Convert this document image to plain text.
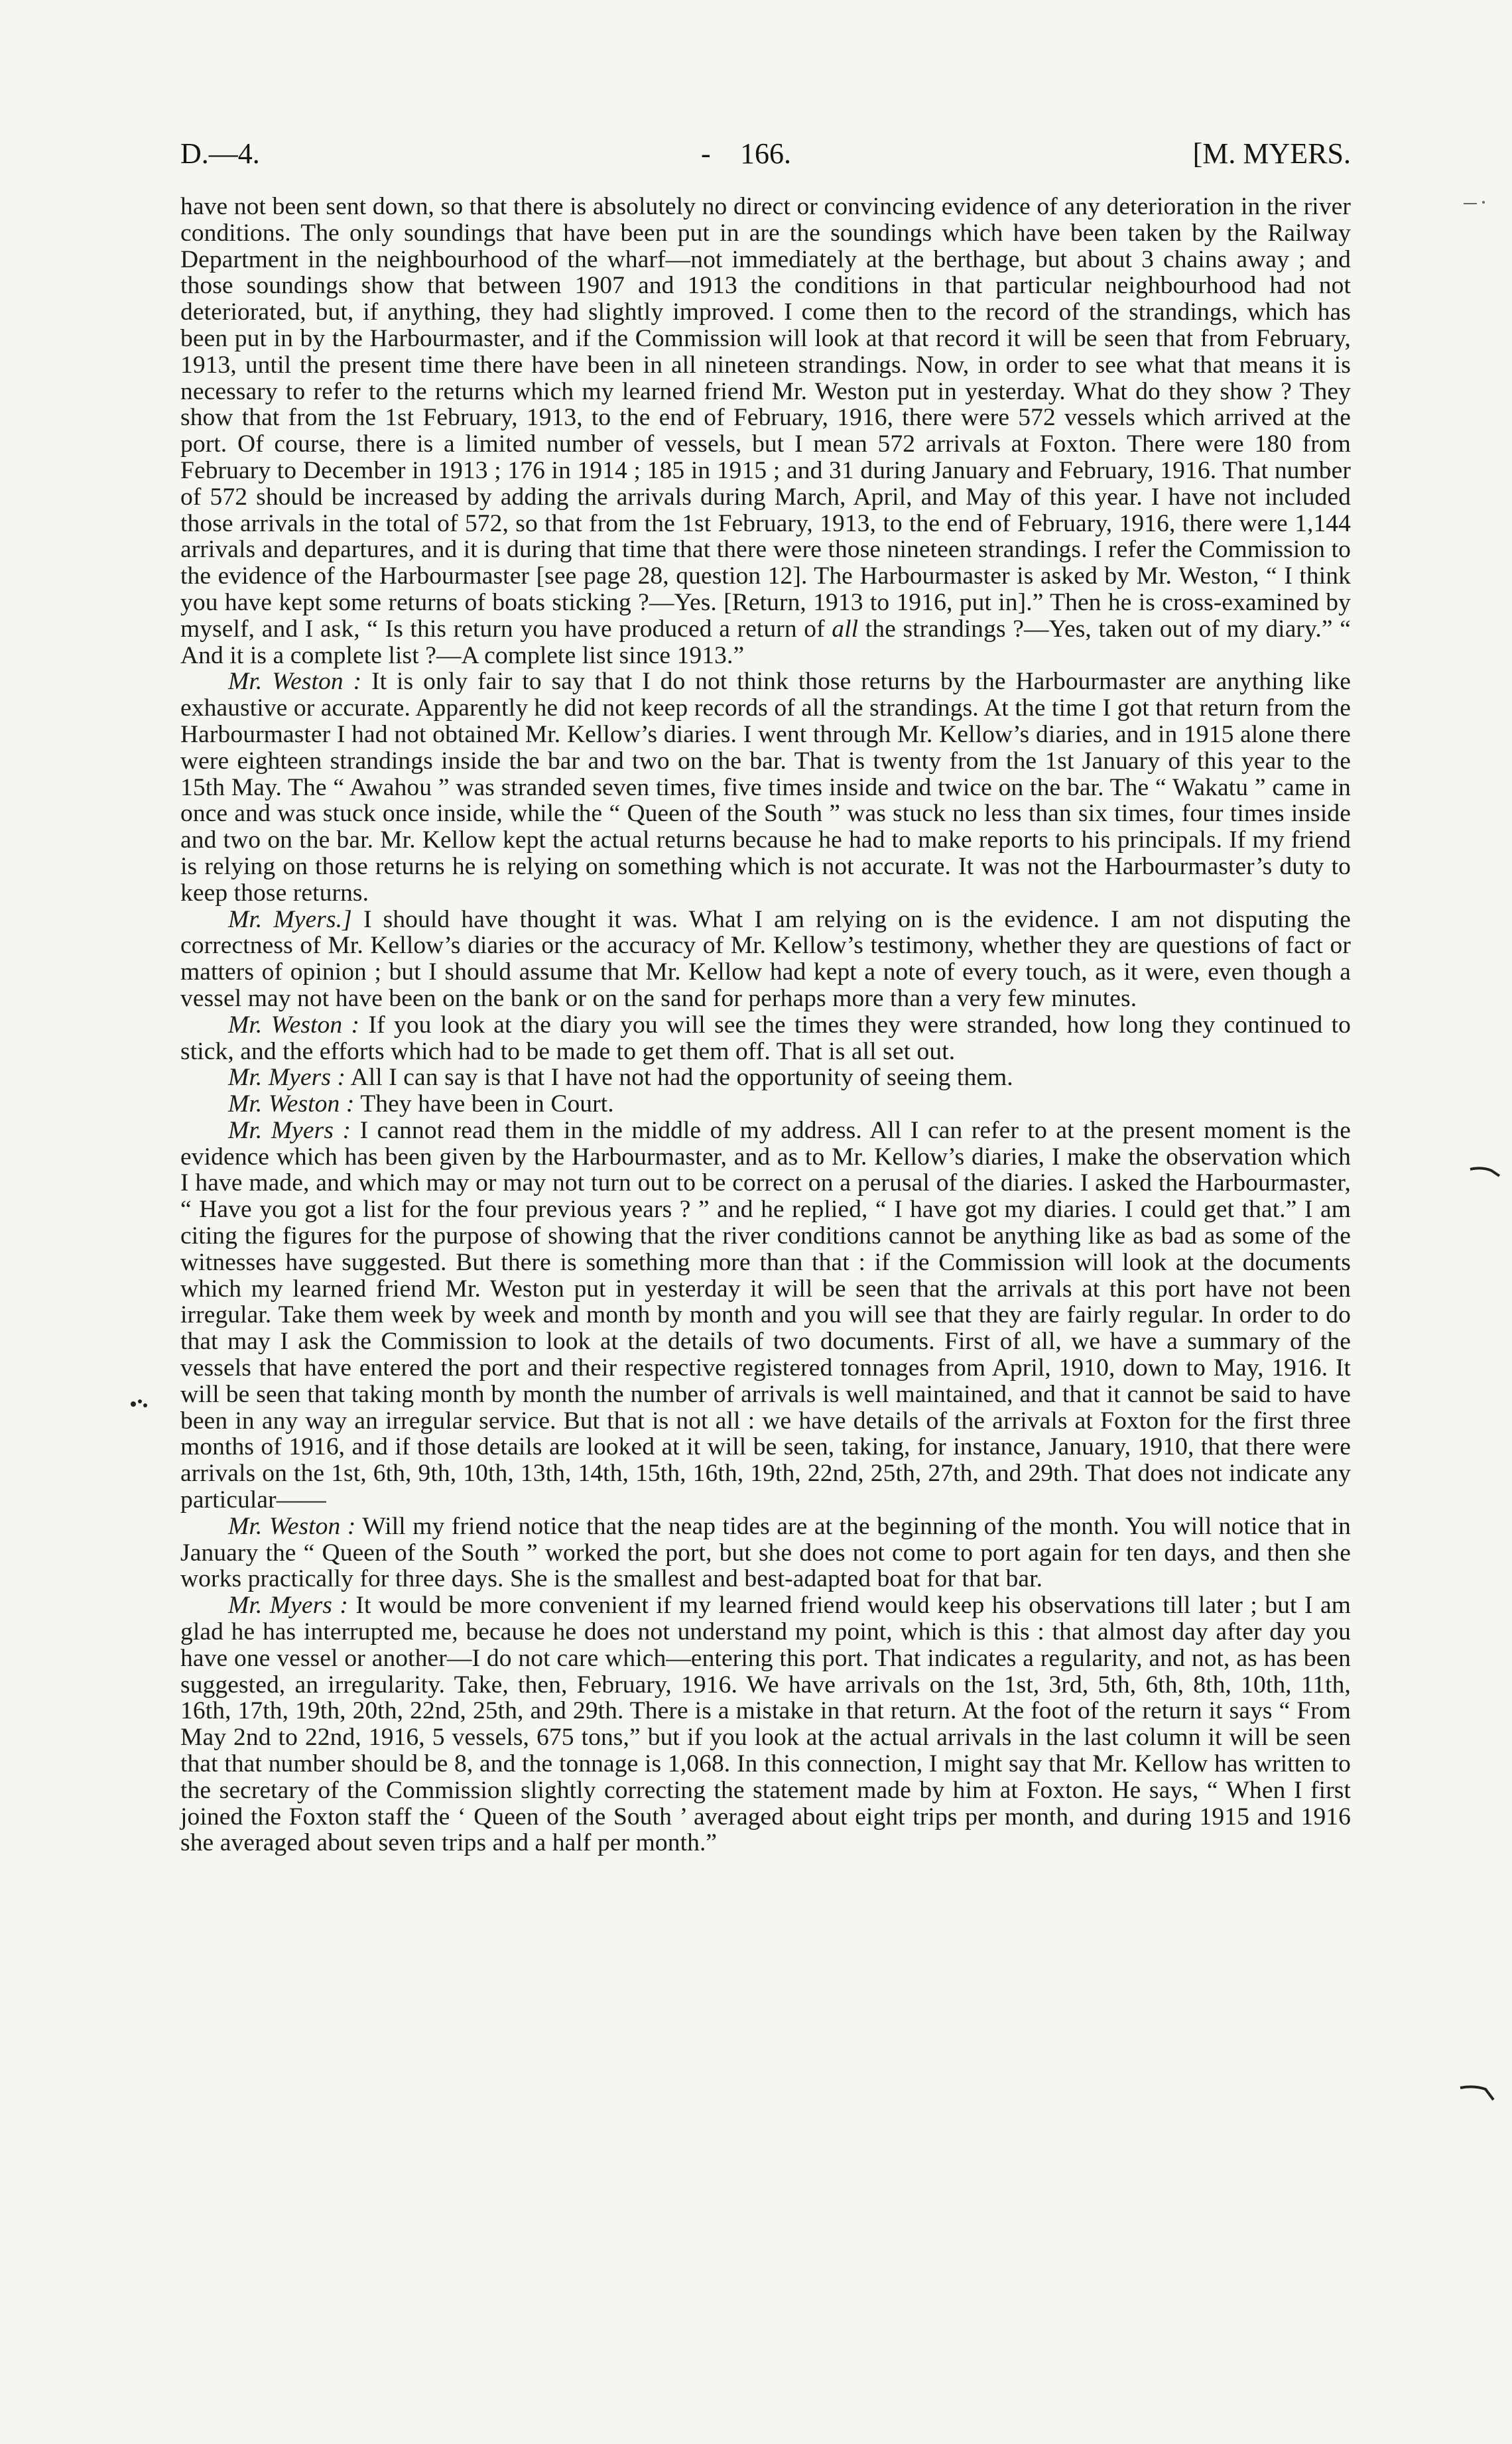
D.—4.	-	166.	[M. MYERS.

have not been sent down, so that there is absolutely no direct or convincing evidence of any deterioration in the river conditions. The only soundings that have been put in are the soundings which have been taken by the Railway Department in the neighbourhood of the wharf—not immediately at the berthage, but about 3 chains away ; and those soundings show that between 1907 and 1913 the conditions in that particular neighbourhood had not deteriorated, but, if anything, they had slightly improved. I come then to the record of the strandings, which has been put in by the Harbourmaster, and if the Commission will look at that record it will be seen that from February, 1913, until the present time there have been in all nineteen strandings. Now, in order to see what that means it is necessary to refer to the returns which my learned friend Mr. Weston put in yesterday. What do they show ? They show that from the 1st February, 1913, to the end of February, 1916, there were 572 vessels which arrived at the port. Of course, there is a limited number of vessels, but I mean 572 arrivals at Foxton. There were 180 from February to December in 1913 ; 176 in 1914 ; 185 in 1915 ; and 31 during January and February, 1916. That number of 572 should be increased by adding the arrivals during March, April, and May of this year. I have not included those arrivals in the total of 572, so that from the 1st February, 1913, to the end of February, 1916, there were 1,144 arrivals and departures, and it is during that time that there were those nineteen strandings. I refer the Commission to the evidence of the Harbourmaster [see page 28, question 12]. The Harbourmaster is asked by Mr. Weston, “ I think you have kept some returns of boats sticking ?—Yes. [Return, 1913 to 1916, put in].” Then he is cross-examined by myself, and I ask, “ Is this return you have produced a return of all the strandings ?—Yes, taken out of my diary.” “ And it is a complete list ?—A complete list since 1913.”

Mr. Weston : It is only fair to say that I do not think those returns by the Harbourmaster are anything like exhaustive or accurate. Apparently he did not keep records of all the strandings. At the time I got that return from the Harbourmaster I had not obtained Mr. Kellow’s diaries. I went through Mr. Kellow’s diaries, and in 1915 alone there were eighteen strandings inside the bar and two on the bar. That is twenty from the 1st January of this year to the 15th May. The “ Awahou ” was stranded seven times, five times inside and twice on the bar. The “ Wakatu ” came in once and was stuck once inside, while the “ Queen of the South ” was stuck no less than six times, four times inside and two on the bar. Mr. Kellow kept the actual returns because he had to make reports to his principals. If my friend is relying on those returns he is relying on something which is not accurate. It was not the Harbourmaster’s duty to keep those returns.

Mr. Myers.] I should have thought it was. What I am relying on is the evidence. I am not disputing the correctness of Mr. Kellow’s diaries or the accuracy of Mr. Kellow’s testimony, whether they are questions of fact or matters of opinion ; but I should assume that Mr. Kellow had kept a note of every touch, as it were, even though a vessel may not have been on the bank or on the sand for perhaps more than a very few minutes.

Mr. Weston : If you look at the diary you will see the times they were stranded, how long they continued to stick, and the efforts which had to be made to get them off. That is all set out.

Mr. Myers : All I can say is that I have not had the opportunity of seeing them.

Mr. Weston : They have been in Court.

Mr. Myers : I cannot read them in the middle of my address. All I can refer to at the present moment is the evidence which has been given by the Harbourmaster, and as to Mr. Kellow’s diaries, I make the observation which I have made, and which may or may not turn out to be correct on a perusal of the diaries. I asked the Harbourmaster, “ Have you got a list for the four previous years ? ” and he replied, “ I have got my diaries. I could get that.” I am citing the figures for the purpose of showing that the river conditions cannot be anything like as bad as some of the witnesses have suggested. But there is something more than that : if the Commission will look at the documents which my learned friend Mr. Weston put in yesterday it will be seen that the arrivals at this port have not been irregular. Take them week by week and month by month and you will see that they are fairly regular. In order to do that may I ask the Commission to look at the details of two documents. First of all, we have a summary of the vessels that have entered the port and their respective registered tonnages from April, 1910, down to May, 1916. It will be seen that taking month by month the number of arrivals is well maintained, and that it cannot be said to have been in any way an irregular service. But that is not all : we have details of the arrivals at Foxton for the first three months of 1916, and if those details are looked at it will be seen, taking, for instance, January, 1910, that there were arrivals on the 1st, 6th, 9th, 10th, 13th, 14th, 15th, 16th, 19th, 22nd, 25th, 27th, and 29th. That does not indicate any particular——

Mr. Weston : Will my friend notice that the neap tides are at the beginning of the month. You will notice that in January the “ Queen of the South ” worked the port, but she does not come to port again for ten days, and then she works practically for three days. She is the smallest and best-adapted boat for that bar.

Mr. Myers : It would be more convenient if my learned friend would keep his observations till later ; but I am glad he has interrupted me, because he does not understand my point, which is this : that almost day after day you have one vessel or another—I do not care which—entering this port. That indicates a regularity, and not, as has been suggested, an irregularity. Take, then, February, 1916. We have arrivals on the 1st, 3rd, 5th, 6th, 8th, 10th, 11th, 16th, 17th, 19th, 20th, 22nd, 25th, and 29th. There is a mistake in that return. At the foot of the return it says “ From May 2nd to 22nd, 1916, 5 vessels, 675 tons,” but if you look at the actual arrivals in the last column it will be seen that that number should be 8, and the tonnage is 1,068. In this connection, I might say that Mr. Kellow has written to the secretary of the Commission slightly correcting the statement made by him at Foxton. He says, “ When I first joined the Foxton staff the ‘ Queen of the South ’ averaged about eight trips per month, and during 1915 and 1916 she averaged about seven trips and a half per month.”
